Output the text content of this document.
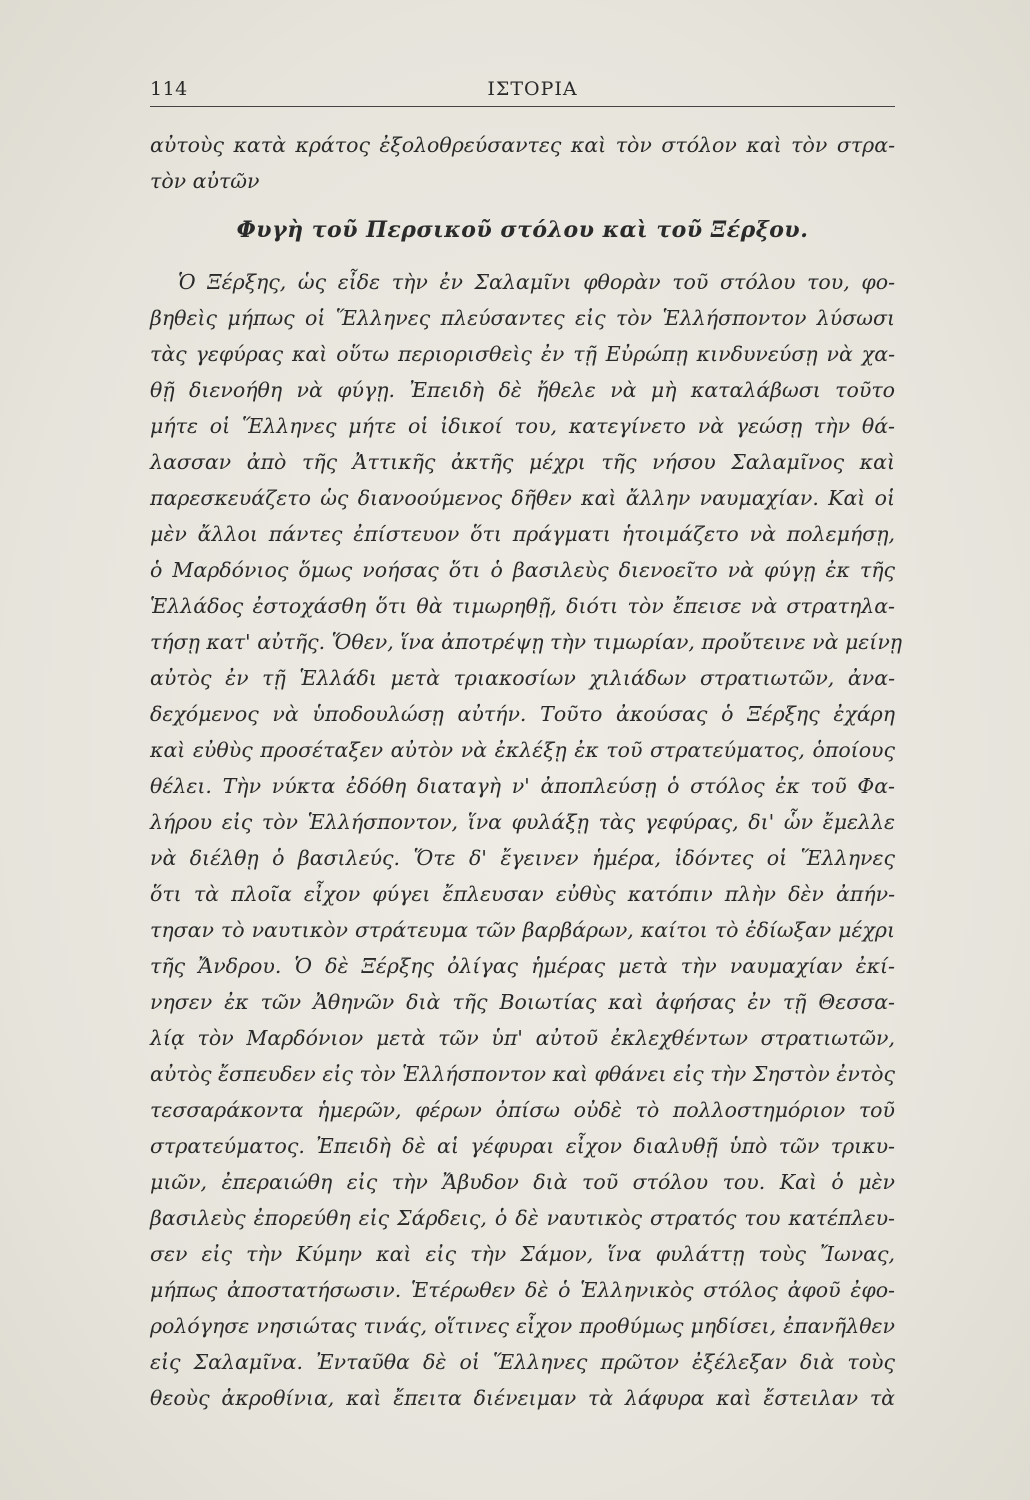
114	ΙΣΤΟΡΙΑ
αὐτοὺς κατὰ κράτος ἐξολοθρεύσαντες καὶ τὸν στόλον καὶ τὸν στρα-
τὸν αὐτῶν
Φυγὴ τοῦ Περσικοῦ στόλου καὶ τοῦ Ξέρξου.
Ὁ Ξέρξης, ὡς εἶδε τὴν ἐν Σαλαμῖνι φθορὰν τοῦ στόλου του, φο-
βηθεὶς μήπως οἱ Ἕλληνες πλεύσαντες εἰς τὸν Ἑλλήσποντον λύσωσι
τὰς γεφύρας καὶ οὕτω περιορισθεὶς ἐν τῇ Εὐρώπῃ κινδυνεύσῃ νὰ χα-
θῇ διενοήθη νὰ φύγῃ. Ἐπειδὴ δὲ ἤθελε νὰ μὴ καταλάβωσι τοῦτο
μήτε οἱ Ἕλληνες μήτε οἱ ἰδικοί του, κατεγίνετο νὰ γεώσῃ τὴν θά-
λασσαν ἀπὸ τῆς Ἀττικῆς ἀκτῆς μέχρι τῆς νήσου Σαλαμῖνος καὶ
παρεσκευάζετο ὡς διανοούμενος δῆθεν καὶ ἄλλην ναυμαχίαν. Καὶ οἱ
μὲν ἄλλοι πάντες ἐπίστευον ὅτι πράγματι ἡτοιμάζετο νὰ πολεμήσῃ,
ὁ Μαρδόνιος ὅμως νοήσας ὅτι ὁ βασιλεὺς διενοεῖτο νὰ φύγῃ ἐκ τῆς
Ἑλλάδος ἐστοχάσθη ὅτι θὰ τιμωρηθῇ, διότι τὸν ἔπεισε νὰ στρατηλα-
τήσῃ κατ' αὐτῆς. Ὅθεν, ἵνα ἀποτρέψῃ τὴν τιμωρίαν, προὔτεινε νὰ μείνῃ
αὐτὸς ἐν τῇ Ἑλλάδι μετὰ τριακοσίων χιλιάδων στρατιωτῶν, ἀνα-
δεχόμενος νὰ ὑποδουλώσῃ αὐτήν. Τοῦτο ἀκούσας ὁ Ξέρξης ἐχάρη
καὶ εὐθὺς προσέταξεν αὐτὸν νὰ ἐκλέξῃ ἐκ τοῦ στρατεύματος, ὁποίους
θέλει. Τὴν νύκτα ἐδόθη διαταγὴ ν' ἀποπλεύσῃ ὁ στόλος ἐκ τοῦ Φα-
λήρου εἰς τὸν Ἑλλήσποντον, ἵνα φυλάξῃ τὰς γεφύρας, δι' ὧν ἔμελλε
νὰ διέλθῃ ὁ βασιλεύς. Ὅτε δ' ἔγεινεν ἡμέρα, ἰδόντες οἱ Ἕλληνες
ὅτι τὰ πλοῖα εἶχον φύγει ἔπλευσαν εὐθὺς κατόπιν πλὴν δὲν ἀπήν-
τησαν τὸ ναυτικὸν στράτευμα τῶν βαρβάρων, καίτοι τὸ ἐδίωξαν μέχρι
τῆς Ἄνδρου. Ὁ δὲ Ξέρξης ὀλίγας ἡμέρας μετὰ τὴν ναυμαχίαν ἐκί-
νησεν ἐκ τῶν Ἀθηνῶν διὰ τῆς Βοιωτίας καὶ ἀφήσας ἐν τῇ Θεσσα-
λίᾳ τὸν Μαρδόνιον μετὰ τῶν ὑπ' αὐτοῦ ἐκλεχθέντων στρατιωτῶν,
αὐτὸς ἔσπευδεν εἰς τὸν Ἑλλήσποντον καὶ φθάνει εἰς τὴν Σηστὸν ἐντὸς
τεσσαράκοντα ἡμερῶν, φέρων ὀπίσω οὐδὲ τὸ πολλοστημόριον τοῦ
στρατεύματος. Ἐπειδὴ δὲ αἱ γέφυραι εἶχον διαλυθῇ ὑπὸ τῶν τρικυ-
μιῶν, ἐπεραιώθη εἰς τὴν Ἄβυδον διὰ τοῦ στόλου του. Καὶ ὁ μὲν
βασιλεὺς ἐπορεύθη εἰς Σάρδεις, ὁ δὲ ναυτικὸς στρατός του κατέπλευ-
σεν εἰς τὴν Κύμην καὶ εἰς τὴν Σάμον, ἵνα φυλάττῃ τοὺς Ἴωνας,
μήπως ἀποστατήσωσιν. Ἑτέρωθεν δὲ ὁ Ἑλληνικὸς στόλος ἀφοῦ ἐφο-
ρολόγησε νησιώτας τινάς, οἵτινες εἶχον προθύμως μηδίσει, ἐπανῆλθεν
εἰς Σαλαμῖνα. Ἐνταῦθα δὲ οἱ Ἕλληνες πρῶτον ἐξέλεξαν διὰ τοὺς
θεοὺς ἀκροθίνια, καὶ ἔπειτα διένειμαν τὰ λάφυρα καὶ ἔστειλαν τὰ
